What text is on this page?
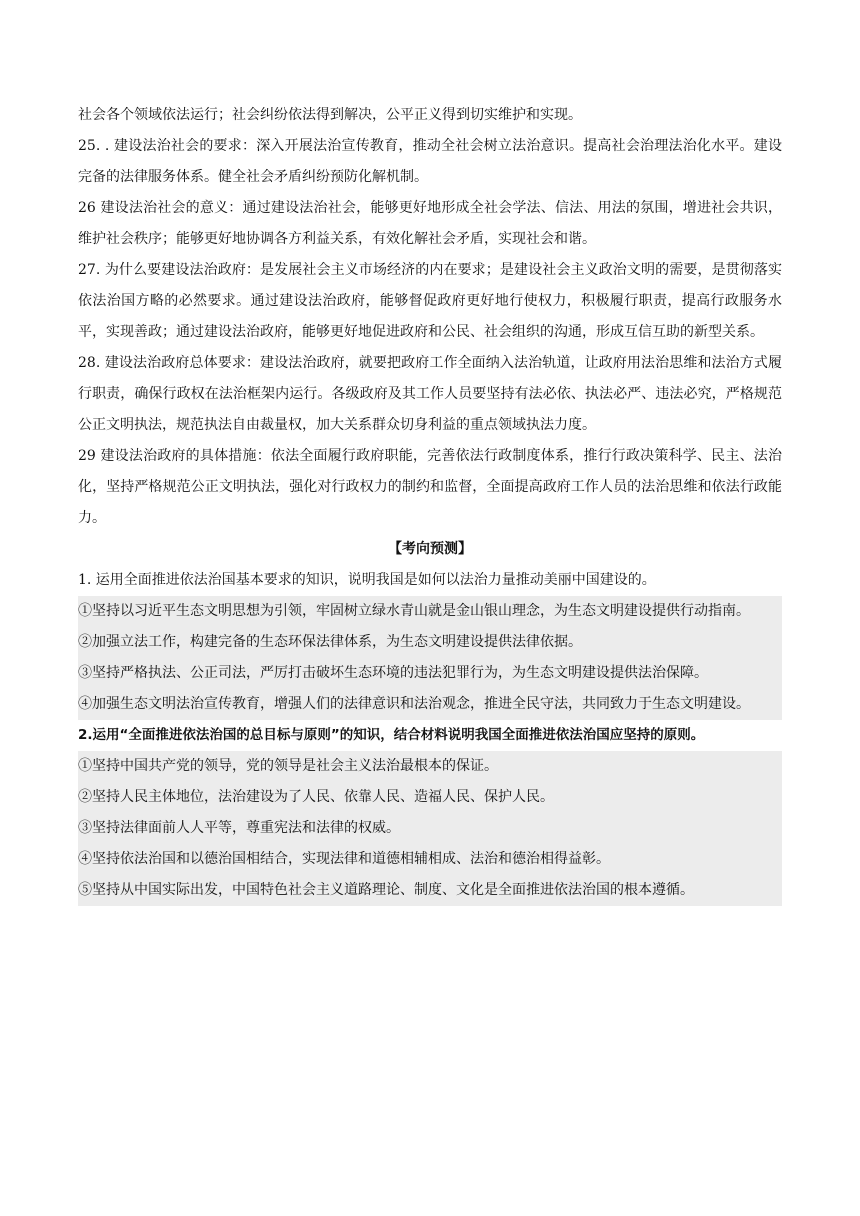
社会各个领域依法运行；社会纠纷依法得到解决，公平正义得到切实维护和实现。

25. . 建设法治社会的要求：深入开展法治宣传教育，推动全社会树立法治意识。提高社会治理法治化水平。建设完备的法律服务体系。健全社会矛盾纠纷预防化解机制。

26 建设法治社会的意义：通过建设法治社会，能够更好地形成全社会学法、信法、用法的氛围，增进社会共识，维护社会秩序；能够更好地协调各方利益关系，有效化解社会矛盾，实现社会和谐。

27. 为什么要建设法治政府：是发展社会主义市场经济的内在要求；是建设社会主义政治文明的需要，是贯彻落实依法治国方略的必然要求。通过建设法治政府，能够督促政府更好地行使权力，积极履行职责，提高行政服务水平，实现善政；通过建设法治政府，能够更好地促进政府和公民、社会组织的沟通，形成互信互助的新型关系。

28. 建设法治政府总体要求：建设法治政府，就要把政府工作全面纳入法治轨道，让政府用法治思维和法治方式履行职责，确保行政权在法治框架内运行。各级政府及其工作人员要坚持有法必依、执法必严、违法必究，严格规范公正文明执法，规范执法自由裁量权，加大关系群众切身利益的重点领域执法力度。

29 建设法治政府的具体措施：依法全面履行政府职能，完善依法行政制度体系，推行行政决策科学、民主、法治化，坚持严格规范公正文明执法，强化对行政权力的制约和监督，全面提高政府工作人员的法治思维和依法行政能力。

【考向预测】

1. 运用全面推进依法治国基本要求的知识，说明我国是如何以法治力量推动美丽中国建设的。

①坚持以习近平生态文明思想为引领，牢固树立绿水青山就是金山银山理念，为生态文明建设提供行动指南。

②加强立法工作，构建完备的生态环保法律体系，为生态文明建设提供法律依据。

③坚持严格执法、公正司法，严厉打击破坏生态环境的违法犯罪行为，为生态文明建设提供法治保障。

④加强生态文明法治宣传教育，增强人们的法律意识和法治观念，推进全民守法，共同致力于生态文明建设。

2.运用“全面推进依法治国的总目标与原则”的知识，结合材料说明我国全面推进依法治国应坚持的原则。

①坚持中国共产党的领导，党的领导是社会主义法治最根本的保证。

②坚持人民主体地位，法治建设为了人民、依靠人民、造福人民、保护人民。

③坚持法律面前人人平等，尊重宪法和法律的权威。

④坚持依法治国和以德治国相结合，实现法律和道德相辅相成、法治和德治相得益彰。

⑤坚持从中国实际出发，中国特色社会主义道路理论、制度、文化是全面推进依法治国的根本遵循。
